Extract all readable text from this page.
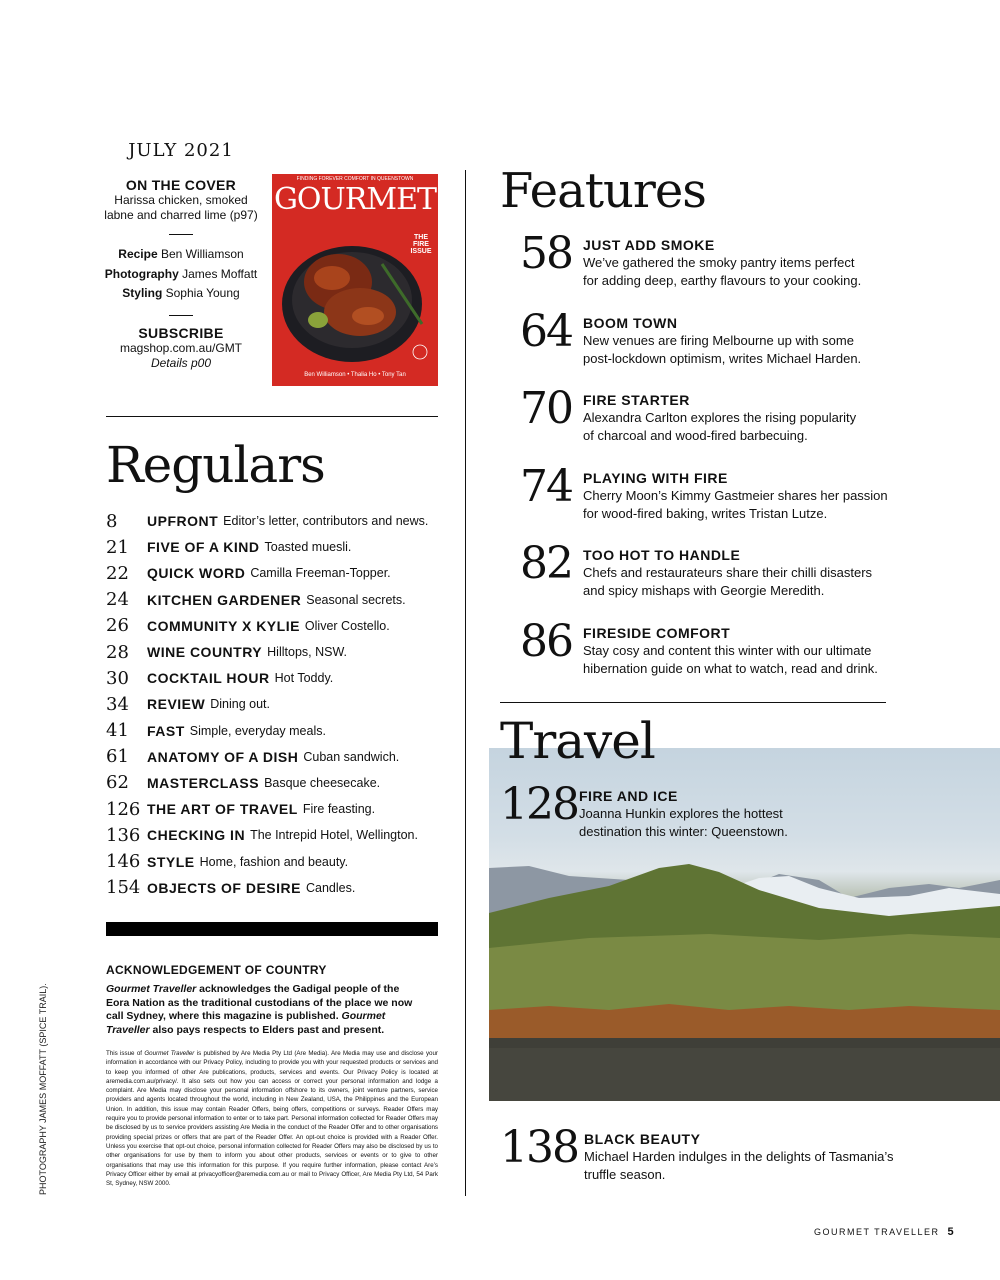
JULY 2021
ON THE COVER
Harissa chicken, smoked labne and charred lime (p97)
Recipe Ben Williamson
Photography James Moffatt
Styling Sophia Young
SUBSCRIBE
magshop.com.au/GMT
Details p00
FINDING FOREVER COMFORT IN QUEENSTOWN
GOURMET
THE FIRE ISSUE
Ben Williamson • Thalia Ho • Tony Tan
Regulars
8	UPFRONT Editor’s letter, contributors and news.
21	FIVE OF A KIND Toasted muesli.
22	QUICK WORD Camilla Freeman-Topper.
24	KITCHEN GARDENER Seasonal secrets.
26	COMMUNITY X KYLIE Oliver Costello.
28	WINE COUNTRY Hilltops, NSW.
30	COCKTAIL HOUR Hot Toddy.
34	REVIEW Dining out.
41	FAST Simple, everyday meals.
61	ANATOMY OF A DISH Cuban sandwich.
62	MASTERCLASS Basque cheesecake.
126 THE ART OF TRAVEL Fire feasting.
136 CHECKING IN The Intrepid Hotel, Wellington.
146 STYLE Home, fashion and beauty.
154 OBJECTS OF DESIRE Candles.
ACKNOWLEDGEMENT OF COUNTRY
Gourmet Traveller acknowledges the Gadigal people of the Eora Nation as the traditional custodians of the place we now call Sydney, where this magazine is published. Gourmet Traveller also pays respects to Elders past and present.
This issue of Gourmet Traveller is published by Are Media Pty Ltd (Are Media). Are Media may use and disclose your information in accordance with our Privacy Policy, including to provide you with your requested products or services and to keep you informed of other Are publications, products, services and events. Our Privacy Policy is located at aremedia.com.au/privacy/. It also sets out how you can access or correct your personal information and lodge a complaint. Are Media may disclose your personal information offshore to its owners, joint venture partners, service providers and agents located throughout the world, including in New Zealand, USA, the Philippines and the European Union. In addition, this issue may contain Reader Offers, being offers, competitions or surveys. Reader Offers may require you to provide personal information to enter or to take part. Personal information collected for Reader Offers may be disclosed by us to service providers assisting Are Media in the conduct of the Reader Offer and to other organisations providing special prizes or offers that are part of the Reader Offer. An opt-out choice is provided with a Reader Offer. Unless you exercise that opt-out choice, personal information collected for Reader Offers may also be disclosed by us to other organisations for use by them to inform you about other products, services or events or to give to other organisations that may use this information for this purpose. If you require further information, please contact Are’s Privacy Officer either by email at privacyofficer@aremedia.com.au or mail to Privacy Officer, Are Media Pty Ltd, 54 Park St, Sydney, NSW 2000.
PHOTOGRAPHY JAMES MOFFATT (SPICE TRAIL).
Features
58 JUST ADD SMOKE
We’ve gathered the smoky pantry items perfect
for adding deep, earthy flavours to your cooking.
64 BOOM TOWN
New venues are firing Melbourne up with some
post-lockdown optimism, writes Michael Harden.
70 FIRE STARTER
Alexandra Carlton explores the rising popularity
of charcoal and wood-fired barbecuing.
74 PLAYING WITH FIRE
Cherry Moon’s Kimmy Gastmeier shares her passion
for wood-fired baking, writes Tristan Lutze.
82 TOO HOT TO HANDLE
Chefs and restaurateurs share their chilli disasters
and spicy mishaps with Georgie Meredith.
86 FIRESIDE COMFORT
Stay cosy and content this winter with our ultimate
hibernation guide on what to watch, read and drink.
Travel
128 FIRE AND ICE
Joanna Hunkin explores the hottest
destination this winter: Queenstown.
138 BLACK BEAUTY
Michael Harden indulges in the delights of Tasmania’s
truffle season.
GOURMET TRAVELLER 5
